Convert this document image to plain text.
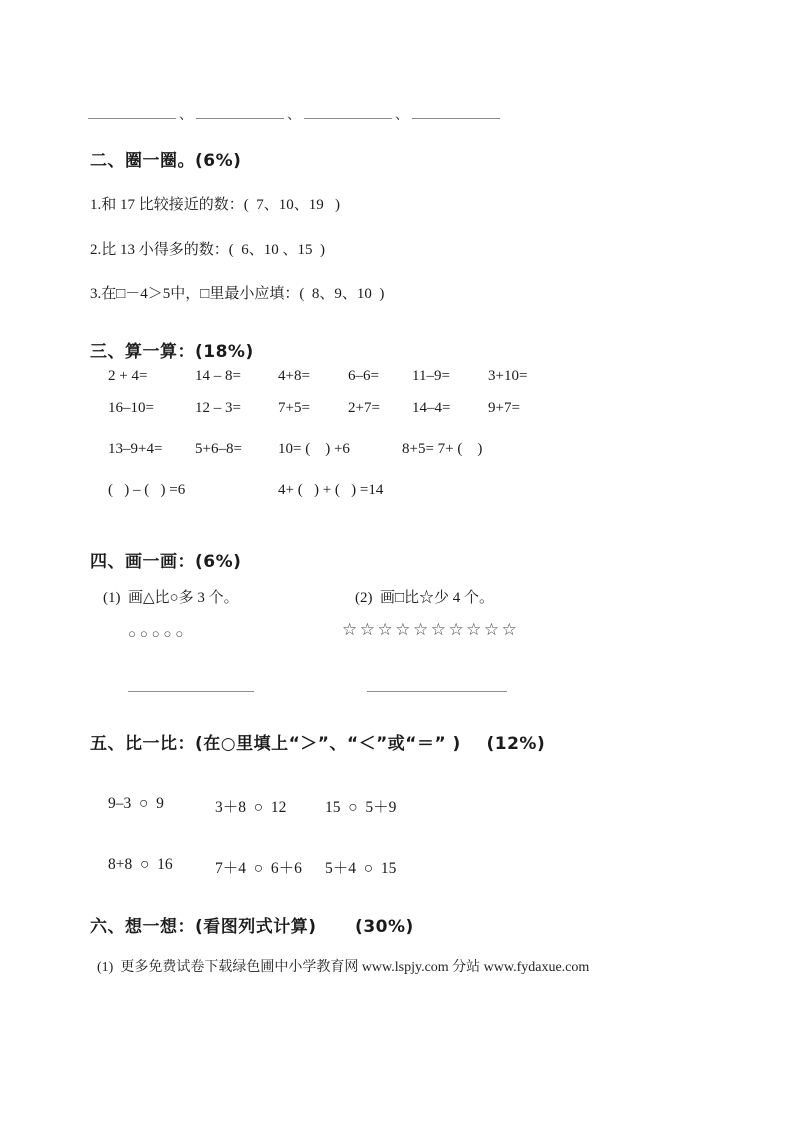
、	、	、
二、圈一圈。(6%)
1.和 17 比较接近的数：(  7、10、19   )
2.比 13 小得多的数：(  6、10 、15  )
3.在□－4＞5中，□里最小应填：(  8、9、10  )
三、算一算：(18%)
2 + 4=	14 – 8=	4+8=	6–6=	11–9=	3+10=
16–10=	12 – 3=	7+5=	2+7=	14–4=	9+7=
13–9+4=	5+6–8=	10= (    ) +6	8+5= 7+ (    )
(   ) – (   ) =6	4+ (   ) + (   ) =14
四、画一画：(6%)
(1)  画△比○多 3 个。	(2)  画□比☆少 4 个。
○○○○○	☆☆☆☆☆☆☆☆☆☆
五、比一比：(在○里填上“＞”、“＜”或“＝” )    (12%)
9–3  ○  9	3＋8  ○  12	15  ○  5＋9
8+8  ○  16	7＋4  ○  6＋6	5＋4  ○  15
六、想一想：(看图列式计算)      (30%)
(1)  更多免费试卷下载绿色圃中小学教育网 www.lspjy.com 分站 www.fydaxue.com
